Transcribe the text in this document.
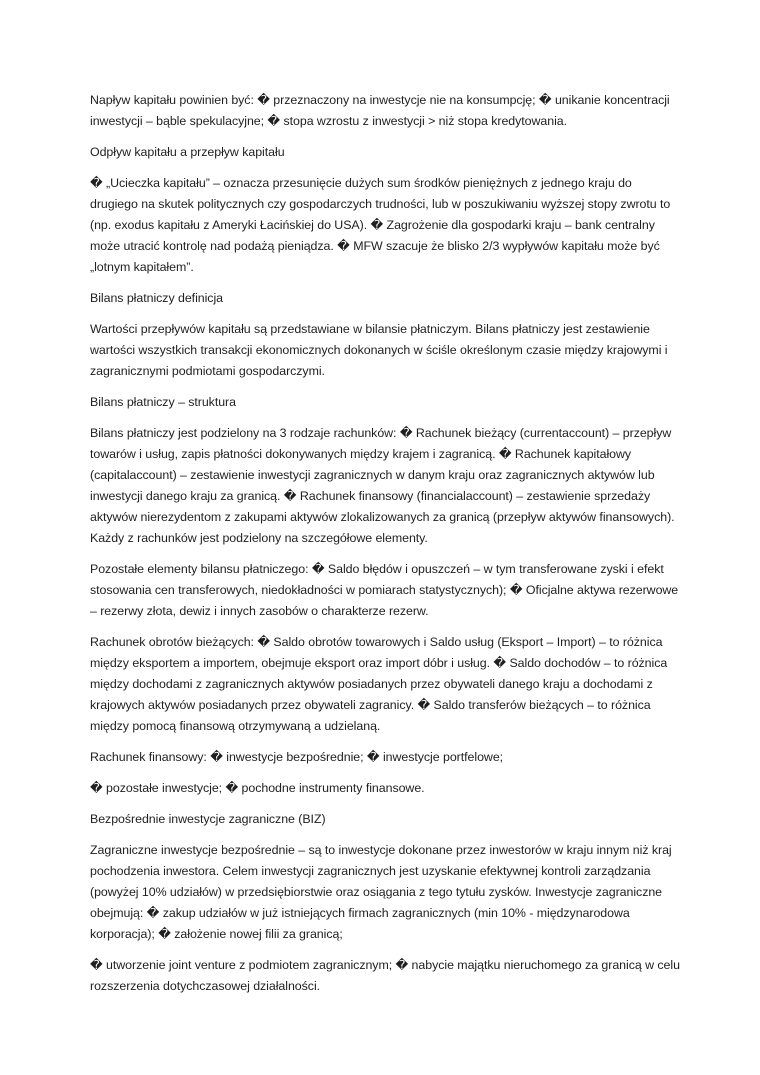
Napływ kapitału powinien być: � przeznaczony na inwestycje nie na konsumpcję; � unikanie koncentracji inwestycji – bąble spekulacyjne; � stopa wzrostu z inwestycji > niż stopa kredytowania.

Odpływ kapitału a przepływ kapitału

� „Ucieczka kapitału” – oznacza przesunięcie dużych sum środków pieniężnych z jednego kraju do drugiego na skutek politycznych czy gospodarczych trudności, lub w poszukiwaniu wyższej stopy zwrotu to (np. exodus kapitału z Ameryki Łacińskiej do USA). � Zagrożenie dla gospodarki kraju – bank centralny może utracić kontrolę nad podażą pieniądza. � MFW szacuje że blisko 2/3 wypływów kapitału może być „lotnym kapitałem”.

Bilans płatniczy definicja

Wartości przepływów kapitału są przedstawiane w bilansie płatniczym. Bilans płatniczy jest zestawienie wartości wszystkich transakcji ekonomicznych dokonanych w ściśle określonym czasie między krajowymi i zagranicznymi podmiotami gospodarczymi.

Bilans płatniczy – struktura

Bilans płatniczy jest podzielony na 3 rodzaje rachunków: � Rachunek bieżący (currentaccount) – przepływ towarów i usług, zapis płatności dokonywanych między krajem i zagranicą. � Rachunek kapitałowy (capitalaccount) – zestawienie inwestycji zagranicznych w danym kraju oraz zagranicznych aktywów lub inwestycji danego kraju za granicą. � Rachunek finansowy (financialaccount) – zestawienie sprzedaży aktywów nierezydentom z zakupami aktywów zlokalizowanych za granicą (przepływ aktywów finansowych). Każdy z rachunków jest podzielony na szczegółowe elementy.

Pozostałe elementy bilansu płatniczego: � Saldo błędów i opuszczeń – w tym transferowane zyski i efekt stosowania cen transferowych, niedokładności w pomiarach statystycznych); � Oficjalne aktywa rezerwowe – rezerwy złota, dewiz i innych zasobów o charakterze rezerw.

Rachunek obrotów bieżących: � Saldo obrotów towarowych i Saldo usług (Eksport – Import) – to różnica między eksportem a importem, obejmuje eksport oraz import dóbr i usług. � Saldo dochodów – to różnica między dochodami z zagranicznych aktywów posiadanych przez obywateli danego kraju a dochodami z krajowych aktywów posiadanych przez obywateli zagranicy. � Saldo transferów bieżących – to różnica między pomocą finansową otrzymywaną a udzielaną.

Rachunek finansowy: � inwestycje bezpośrednie; � inwestycje portfelowe;

� pozostałe inwestycje; � pochodne instrumenty finansowe.

Bezpośrednie inwestycje zagraniczne (BIZ)

Zagraniczne inwestycje bezpośrednie – są to inwestycje dokonane przez inwestorów w kraju innym niż kraj pochodzenia inwestora. Celem inwestycji zagranicznych jest uzyskanie efektywnej kontroli zarządzania (powyżej 10% udziałów) w przedsiębiorstwie oraz osiągania z tego tytułu zysków. Inwestycje zagraniczne obejmują: � zakup udziałów w już istniejących firmach zagranicznych (min 10% - międzynarodowa korporacja); � założenie nowej filii za granicą;

� utworzenie joint venture z podmiotem zagranicznym; � nabycie majątku nieruchomego za granicą w celu rozszerzenia dotychczasowej działalności.
